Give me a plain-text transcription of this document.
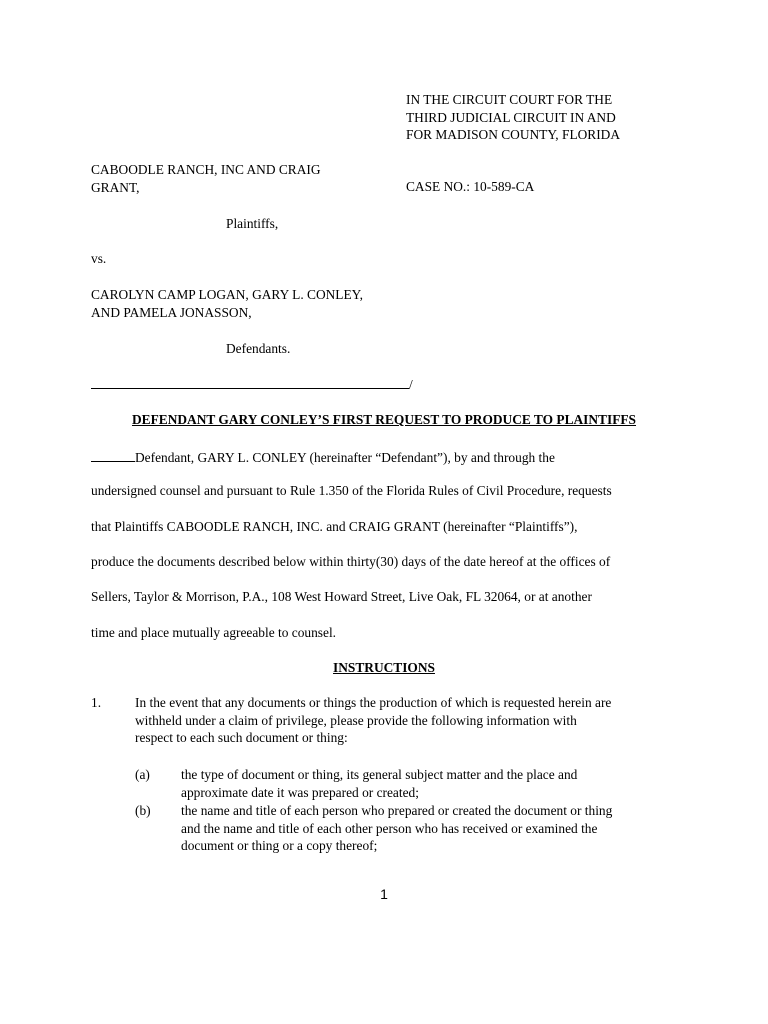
IN THE CIRCUIT COURT FOR THE
THIRD JUDICIAL CIRCUIT IN AND
FOR MADISON COUNTY, FLORIDA
CABOODLE RANCH, INC AND CRAIG
GRANT,	CASE NO.: 10-589-CA
Plaintiffs,
vs.
CAROLYN CAMP LOGAN, GARY L. CONLEY,
AND PAMELA JONASSON,
Defendants.
/
DEFENDANT GARY CONLEY’S FIRST REQUEST TO PRODUCE TO PLAINTIFFS
Defendant, GARY L. CONLEY (hereinafter “Defendant”), by and through the
undersigned counsel and pursuant to Rule 1.350 of the Florida Rules of Civil Procedure, requests
that Plaintiffs CABOODLE RANCH, INC. and CRAIG GRANT (hereinafter “Plaintiffs”),
produce the documents described below within thirty(30) days of the date hereof at the offices of
Sellers, Taylor & Morrison, P.A., 108 West Howard Street, Live Oak, FL 32064, or at another
time and place mutually agreeable to counsel.
INSTRUCTIONS
1.	In the event that any documents or things the production of which is requested herein are
withheld under a claim of privilege, please provide the following information with
respect to each such document or thing:
(a) the type of document or thing, its general subject matter and the place and
approximate date it was prepared or created;
(b) the name and title of each person who prepared or created the document or thing
and the name and title of each other person who has received or examined the
document or thing or a copy thereof;
1
